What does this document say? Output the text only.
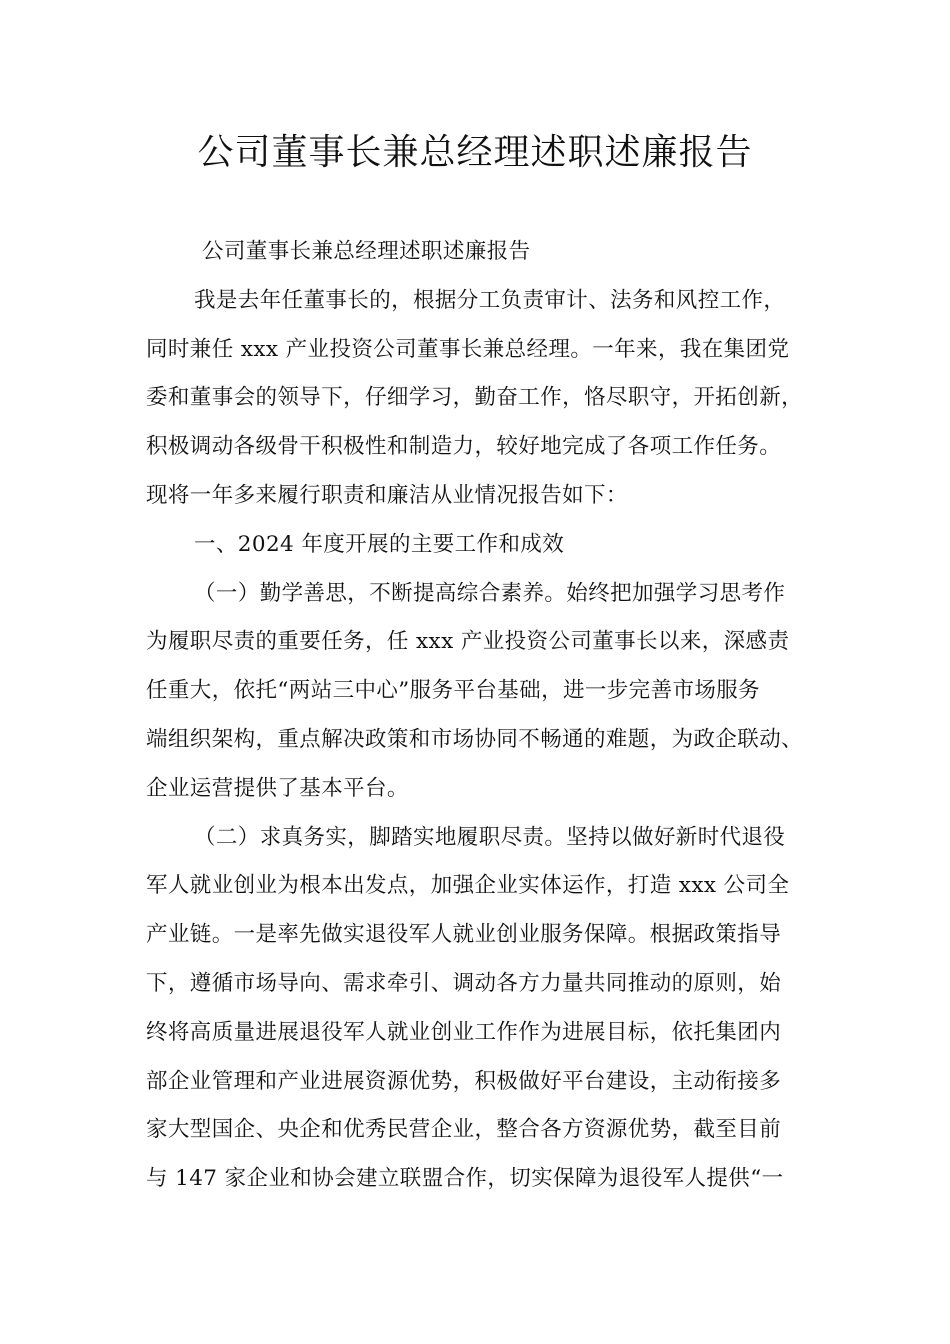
公司董事长兼总经理述职述廉报告

公司董事长兼总经理述职述廉报告

我是去年任董事长的，根据分工负责审计、法务和风控工作，
同时兼任 xxx 产业投资公司董事长兼总经理。一年来，我在集团党
委和董事会的领导下，仔细学习，勤奋工作，恪尽职守，开拓创新，
积极调动各级骨干积极性和制造力，较好地完成了各项工作任务。
现将一年多来履行职责和廉洁从业情况报告如下：

一、2024 年度开展的主要工作和成效

（一）勤学善思，不断提高综合素养。始终把加强学习思考作
为履职尽责的重要任务，任 xxx 产业投资公司董事长以来，深感责
任重大，依托“两站三中心”服务平台基础，进一步完善市场服务
端组织架构，重点解决政策和市场协同不畅通的难题，为政企联动、
企业运营提供了基本平台。

（二）求真务实，脚踏实地履职尽责。坚持以做好新时代退役
军人就业创业为根本出发点，加强企业实体运作，打造 xxx 公司全
产业链。一是率先做实退役军人就业创业服务保障。根据政策指导
下，遵循市场导向、需求牵引、调动各方力量共同推动的原则，始
终将高质量进展退役军人就业创业工作作为进展目标，依托集团内
部企业管理和产业进展资源优势，积极做好平台建设，主动衔接多
家大型国企、央企和优秀民营企业，整合各方资源优势，截至目前
与 147 家企业和协会建立联盟合作，切实保障为退役军人提供“一
